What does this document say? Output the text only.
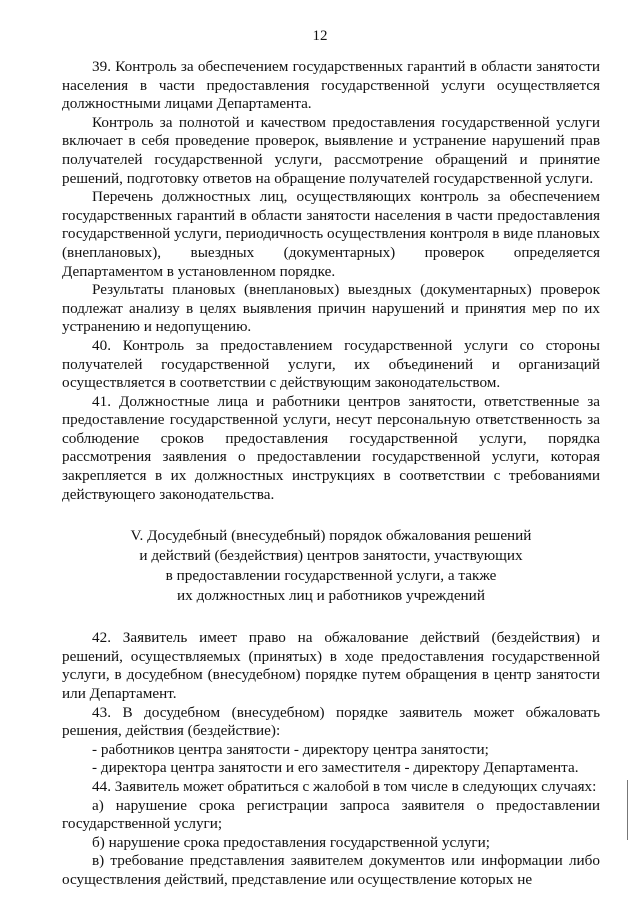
12

39. Контроль за обеспечением государственных гарантий в области занятости населения в части предоставления государственной услуги осуществляется должностными лицами Департамента.

Контроль за полнотой и качеством предоставления государственной услуги включает в себя проведение проверок, выявление и устранение нарушений прав получателей государственной услуги, рассмотрение обращений и принятие решений, подготовку ответов на обращение получателей государственной услуги.

Перечень должностных лиц, осуществляющих контроль за обеспечением государственных гарантий в области занятости населения в части предоставления государственной услуги, периодичность осуществления контроля в виде плановых (внеплановых), выездных (документарных) проверок определяется Департаментом в установленном порядке.

Результаты плановых (внеплановых) выездных (документарных) проверок подлежат анализу в целях выявления причин нарушений и принятия мер по их устранению и недопущению.

40. Контроль за предоставлением государственной услуги со стороны получателей государственной услуги, их объединений и организаций осуществляется в соответствии с действующим законодательством.

41. Должностные лица и работники центров занятости, ответственные за предоставление государственной услуги, несут персональную ответственность за соблюдение сроков предоставления государственной услуги, порядка рассмотрения заявления о предоставлении государственной услуги, которая закрепляется в их должностных инструкциях в соответствии с требованиями действующего законодательства.

V. Досудебный (внесудебный) порядок обжалования решений
и действий (бездействия) центров занятости, участвующих
в предоставлении государственной услуги, а также
их должностных лиц и работников учреждений

42. Заявитель имеет право на обжалование действий (бездействия) и решений, осуществляемых (принятых) в ходе предоставления государственной услуги, в досудебном (внесудебном) порядке путем обращения в центр занятости или Департамент.

43. В досудебном (внесудебном) порядке заявитель может обжаловать решения, действия (бездействие):

- работников центра занятости - директору центра занятости;

- директора центра занятости и его заместителя - директору Департамента.

44. Заявитель может обратиться с жалобой в том числе в следующих случаях:

а) нарушение срока регистрации запроса заявителя о предоставлении государственной услуги;

б) нарушение срока предоставления государственной услуги;

в) требование представления заявителем документов или информации либо осуществления действий, представление или осуществление которых не
